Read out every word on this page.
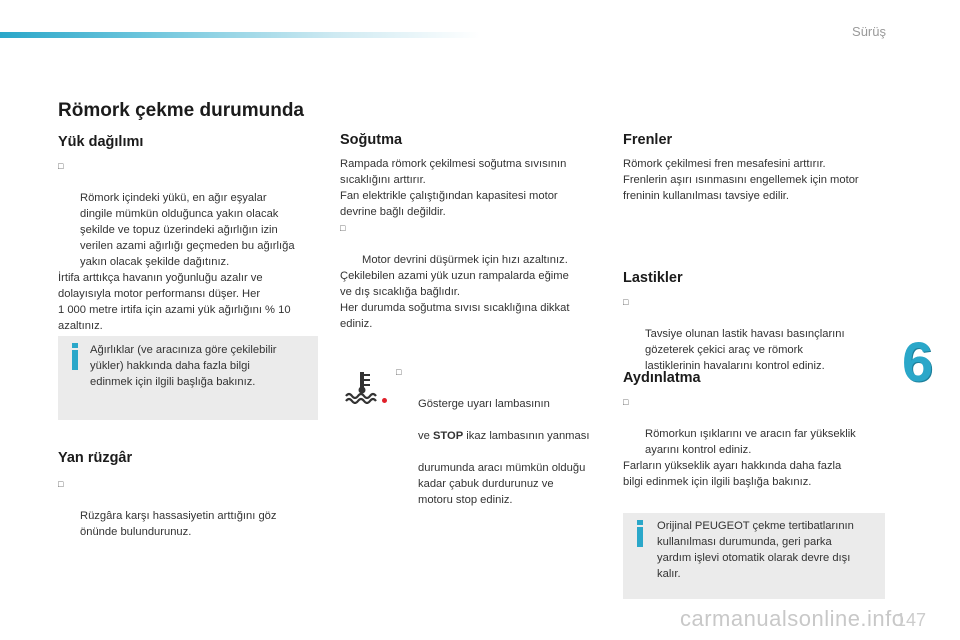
Sürüş
Römork çekme durumunda
Yük dağılımı

□

Römork içindeki yükü, en ağır eşyalar
dingile mümkün olduğunca yakın olacak
şekilde ve topuz üzerindeki ağırlığın izin
verilen azami ağırlığı geçmeden bu ağırlığa
yakın olacak şekilde dağıtınız.

İrtifa arttıkça havanın yoğunluğu azalır ve
dolayısıyla motor performansı düşer. Her
1 000 metre irtifa için azami yük ağırlığını % 10
azaltınız.

Ağırlıklar (ve aracınıza göre çekilebilir
yükler) hakkında daha fazla bilgi
edinmek için ilgili başlığa bakınız.
Yan rüzgâr

□

Rüzgâra karşı hassasiyetin arttığını göz
önünde bulundurunuz.

Soğutma

Rampada römork çekilmesi soğutma sıvısının
sıcaklığını arttırır.
Fan elektrikle çalıştığından kapasitesi motor
devrine bağlı değildir.

□

Motor devrini düşürmek için hızı azaltınız.

Çekilebilen azami yük uzun rampalarda eğime
ve dış sıcaklığa bağlıdır.
Her durumda soğutma sıvısı sıcaklığına dikkat
ediniz.

□

Gösterge uyarı lambasının

ve STOP ikaz lambasının yanması

durumunda aracı mümkün olduğu
kadar çabuk durdurunuz ve
motoru stop ediniz.

Frenler

Römork çekilmesi fren mesafesini arttırır.
Frenlerin aşırı ısınmasını engellemek için motor
freninin kullanılması tavsiye edilir.

Lastikler

□

Tavsiye olunan lastik havası basınçlarını
gözeterek çekici araç ve römork
lastiklerinin havalarını kontrol ediniz.

Aydınlatma

□

Römorkun ışıklarını ve aracın far yükseklik
ayarını kontrol ediniz.

Farların yükseklik ayarı hakkında daha fazla
bilgi edinmek için ilgili başlığa bakınız.

Orijinal PEUGEOT çekme tertibatlarının
kullanılması durumunda, geri parka
yardım işlevi otomatik olarak devre dışı
kalır.
6
carmanualsonline.info
147
